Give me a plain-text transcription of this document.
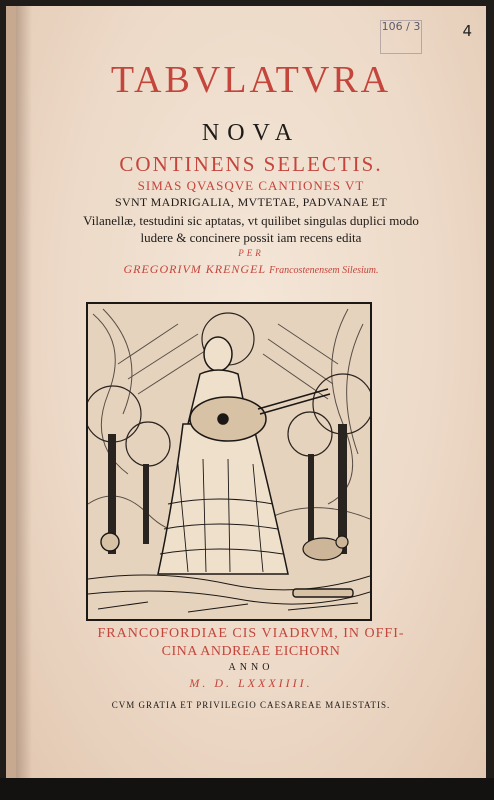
106 / 3	4
TABVLATVRA
NOVA
CONTINENS SELECTIS.
SIMAS QVASQVE CANTIONES VT
SVNT MADRIGALIA, MVTETAE, PADVANAE ET
Vilanellæ, testudini sic aptatas, vt quilibet singulas duplici modo
ludere & concinere possit iam recens edita
PER
GREGORIVM KRENGEL Francostenensem Silesium.
FRANCOFORDIAE CIS VIADRVM, IN OFFI-
CINA ANDREAE EICHORN
ANNO
M. D. LXXXIIII.
CVM GRATIA ET PRIVILEGIO CAESAREAE MAIESTATIS.
